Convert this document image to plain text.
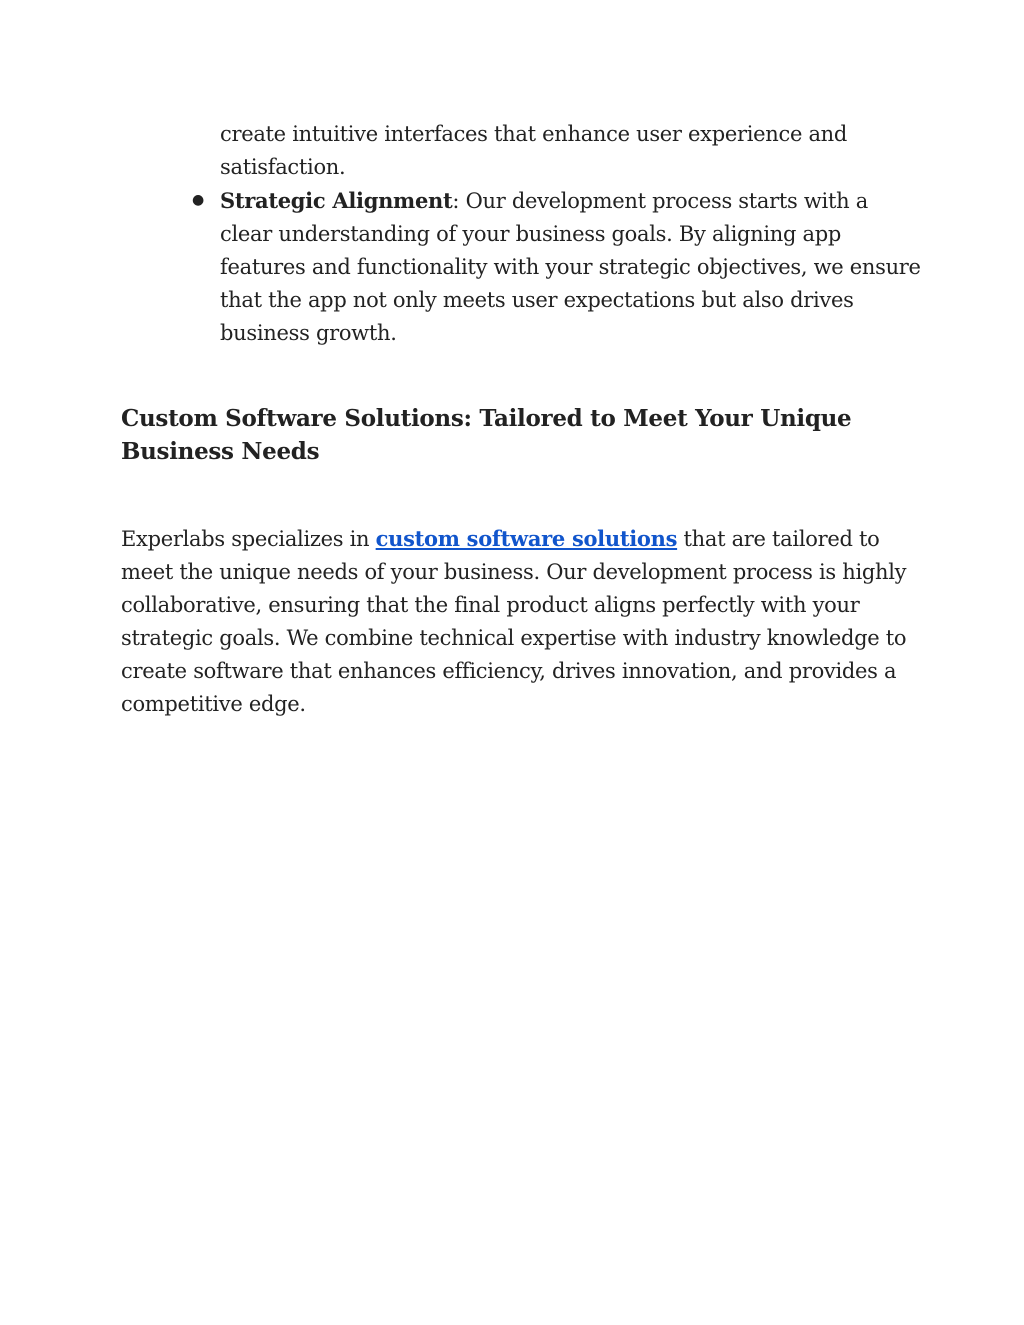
create intuitive interfaces that enhance user experience and satisfaction.
● Strategic Alignment: Our development process starts with a clear understanding of your business goals. By aligning app features and functionality with your strategic objectives, we ensure that the app not only meets user expectations but also drives business growth.
Custom Software Solutions: Tailored to Meet Your Unique Business Needs

Experlabs specializes in custom software solutions that are tailored to meet the unique needs of your business. Our development process is highly collaborative, ensuring that the final product aligns perfectly with your strategic goals. We combine technical expertise with industry knowledge to create software that enhances efficiency, drives innovation, and provides a competitive edge.
